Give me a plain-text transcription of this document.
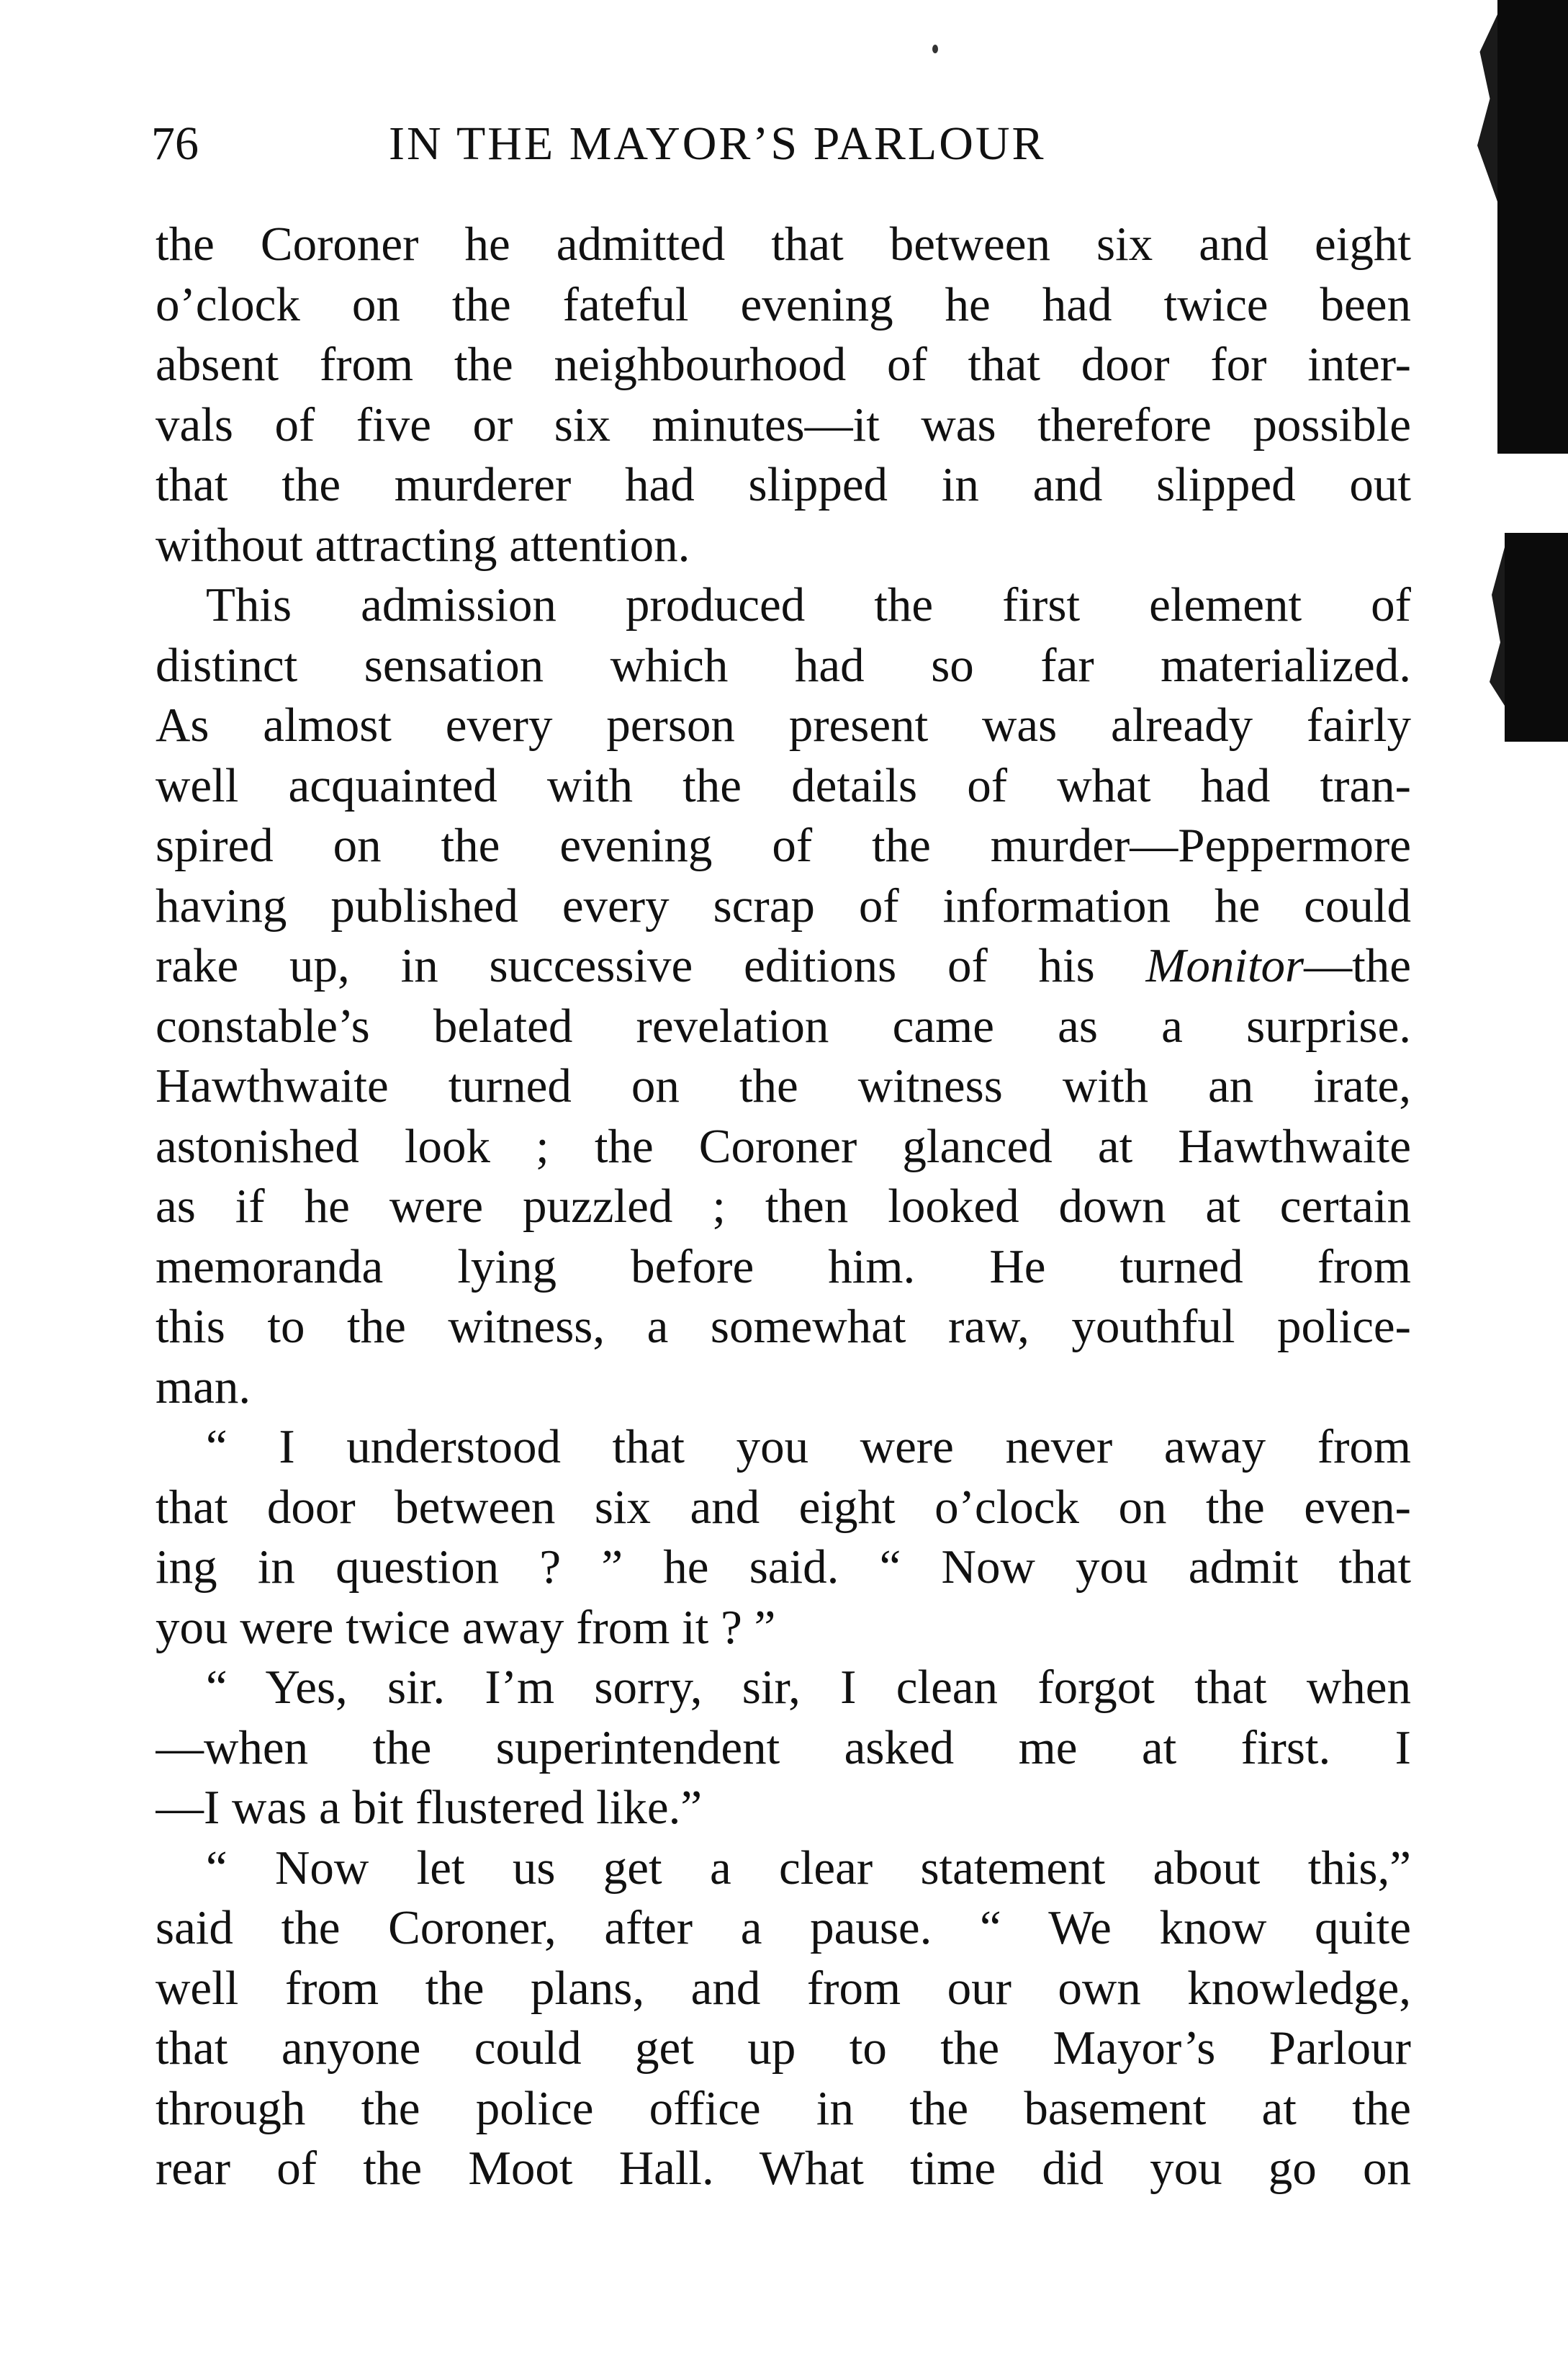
76	IN THE MAYOR’S PARLOUR
the Coroner he admitted that between six and eight
o’clock on the fateful evening he had twice been
absent from the neighbourhood of that door for inter-
vals of five or six minutes—it was therefore possible
that the murderer had slipped in and slipped out
without attracting attention.
This admission produced the first element of
distinct sensation which had so far materialized.
As almost every person present was already fairly
well acquainted with the details of what had tran-
spired on the evening of the murder—Peppermore
having published every scrap of information he could
rake up, in successive editions of his Monitor—the
constable’s belated revelation came as a surprise.
Hawthwaite turned on the witness with an irate,
astonished look ; the Coroner glanced at Hawthwaite
as if he were puzzled ; then looked down at certain
memoranda lying before him. He turned from
this to the witness, a somewhat raw, youthful police-
man.
“ I understood that you were never away from
that door between six and eight o’clock on the even-
ing in question ? ” he said. “ Now you admit that
you were twice away from it ? ”
“ Yes, sir. I’m sorry, sir, I clean forgot that when
—when the superintendent asked me at first. I
—I was a bit flustered like.”
“ Now let us get a clear statement about this,”
said the Coroner, after a pause. “ We know quite
well from the plans, and from our own knowledge,
that anyone could get up to the Mayor’s Parlour
through the police office in the basement at the
rear of the Moot Hall. What time did you go on
